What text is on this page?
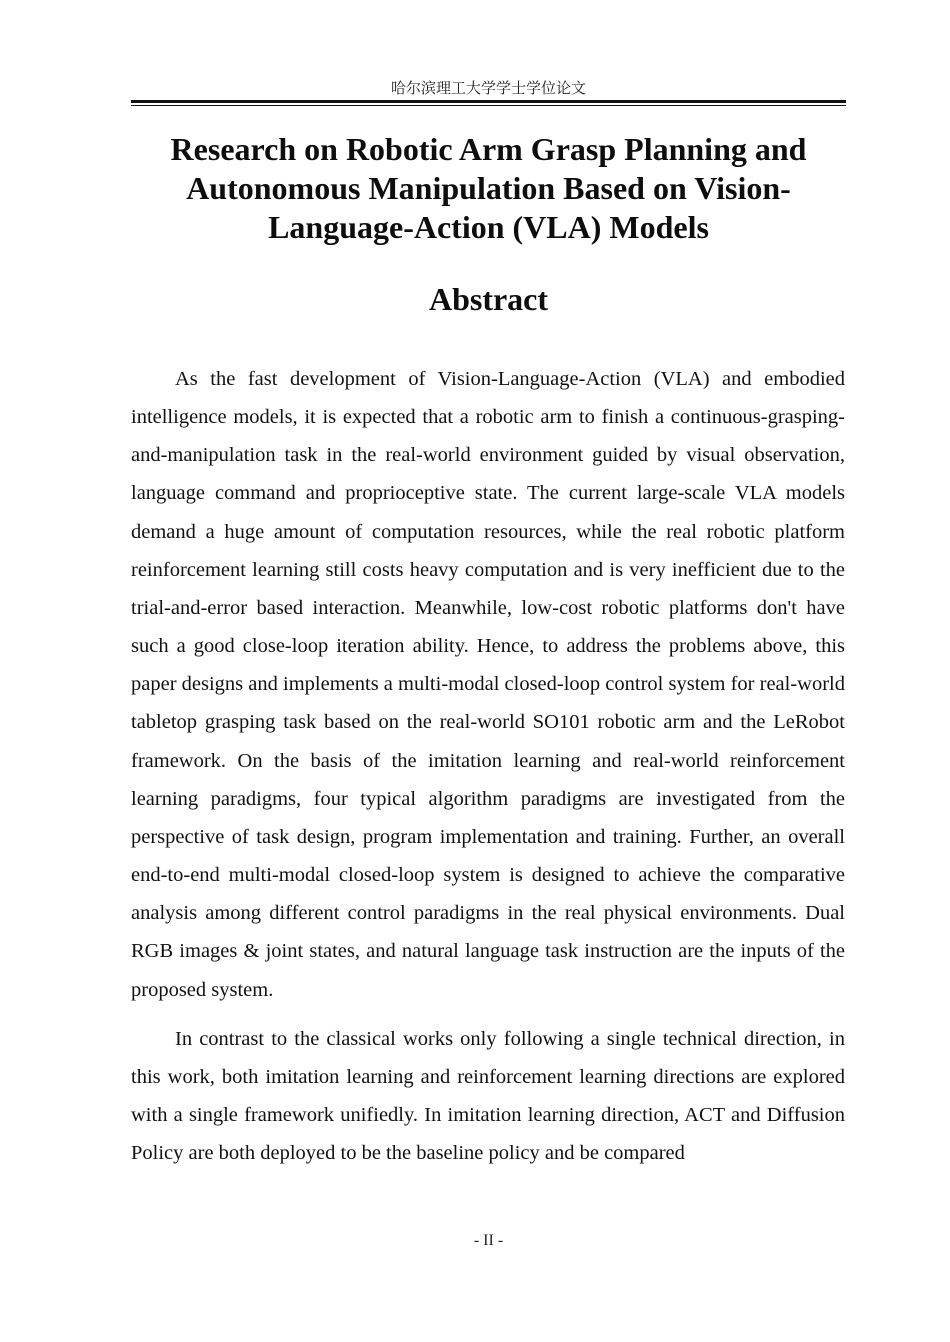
哈尔滨理工大学学士学位论文
Research on Robotic Arm Grasp Planning and Autonomous Manipulation Based on Vision-Language-Action (VLA) Models
Abstract

As the fast development of Vision-Language-Action (VLA) and embodied intelligence models, it is expected that a robotic arm to finish a continuous-grasping-and-manipulation task in the real-world environment guided by visual observation, language command and proprioceptive state. The current large-scale VLA models demand a huge amount of computation resources, while the real robotic platform reinforcement learning still costs heavy computation and is very inefficient due to the trial-and-error based interaction. Meanwhile, low-cost robotic platforms don't have such a good close-loop iteration ability. Hence, to address the problems above, this paper designs and implements a multi-modal closed-loop control system for real-world tabletop grasping task based on the real-world SO101 robotic arm and the LeRobot framework. On the basis of the imitation learning and real-world reinforcement learning paradigms, four typical algorithm paradigms are investigated from the perspective of task design, program implementation and training. Further, an overall end-to-end multi-modal closed-loop system is designed to achieve the comparative analysis among different control paradigms in the real physical environments. Dual RGB images & joint states, and natural language task instruction are the inputs of the proposed system.

In contrast to the classical works only following a single technical direction, in this work, both imitation learning and reinforcement learning directions are explored with a single framework unifiedly. In imitation learning direction, ACT and Diffusion Policy are both deployed to be the baseline policy and be compared

- II -
